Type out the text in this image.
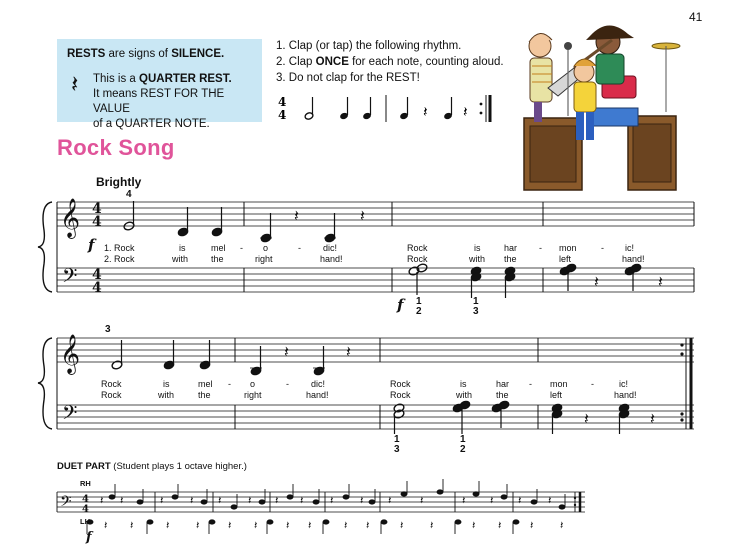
41
RESTS are signs of SILENCE.
𝄽 This is a QUARTER REST.
It means REST FOR THE VALUE
of a QUARTER NOTE.
1. Clap (or tap) the following rhythm.
2. Clap ONCE for each note, counting aloud.
3. Do not clap for the REST!
4
4	𝄽 𝄽
Rock Song
Brightly
𝄞
𝄢
𝄞
𝄢
𝄢
4
4
4
4
4
4
𝄽	𝄽
𝄽	𝄽
𝄽	𝄽
𝄽	𝄽
𝄽 𝄽	𝄽 𝄽 𝄽 𝄽 𝄽 𝄽 𝄽 𝄽 𝄽	𝄽	𝄽 𝄽 𝄽 𝄽
𝄽 𝄽	𝄽 𝄽	𝄽 𝄽	𝄽 𝄽	𝄽 𝄽	𝄽 𝄽	𝄽 𝄽	𝄽 𝄽
4
1
2
1
3
3
1
3
1
2
f
f
1. Rock	is	mel - o	- dic!	Rock	is	har - mon	- ic!
2. Rock	with	the	right	hand!	Rock	with the	left	hand!
Rock	is	mel - o	- dic!	Rock	is	har - mon	-	ic!
Rock	with	the	right	hand!	Rock	with	the	left	hand!
DUET PART (Student plays 1 octave higher.)
RH
LH
f
